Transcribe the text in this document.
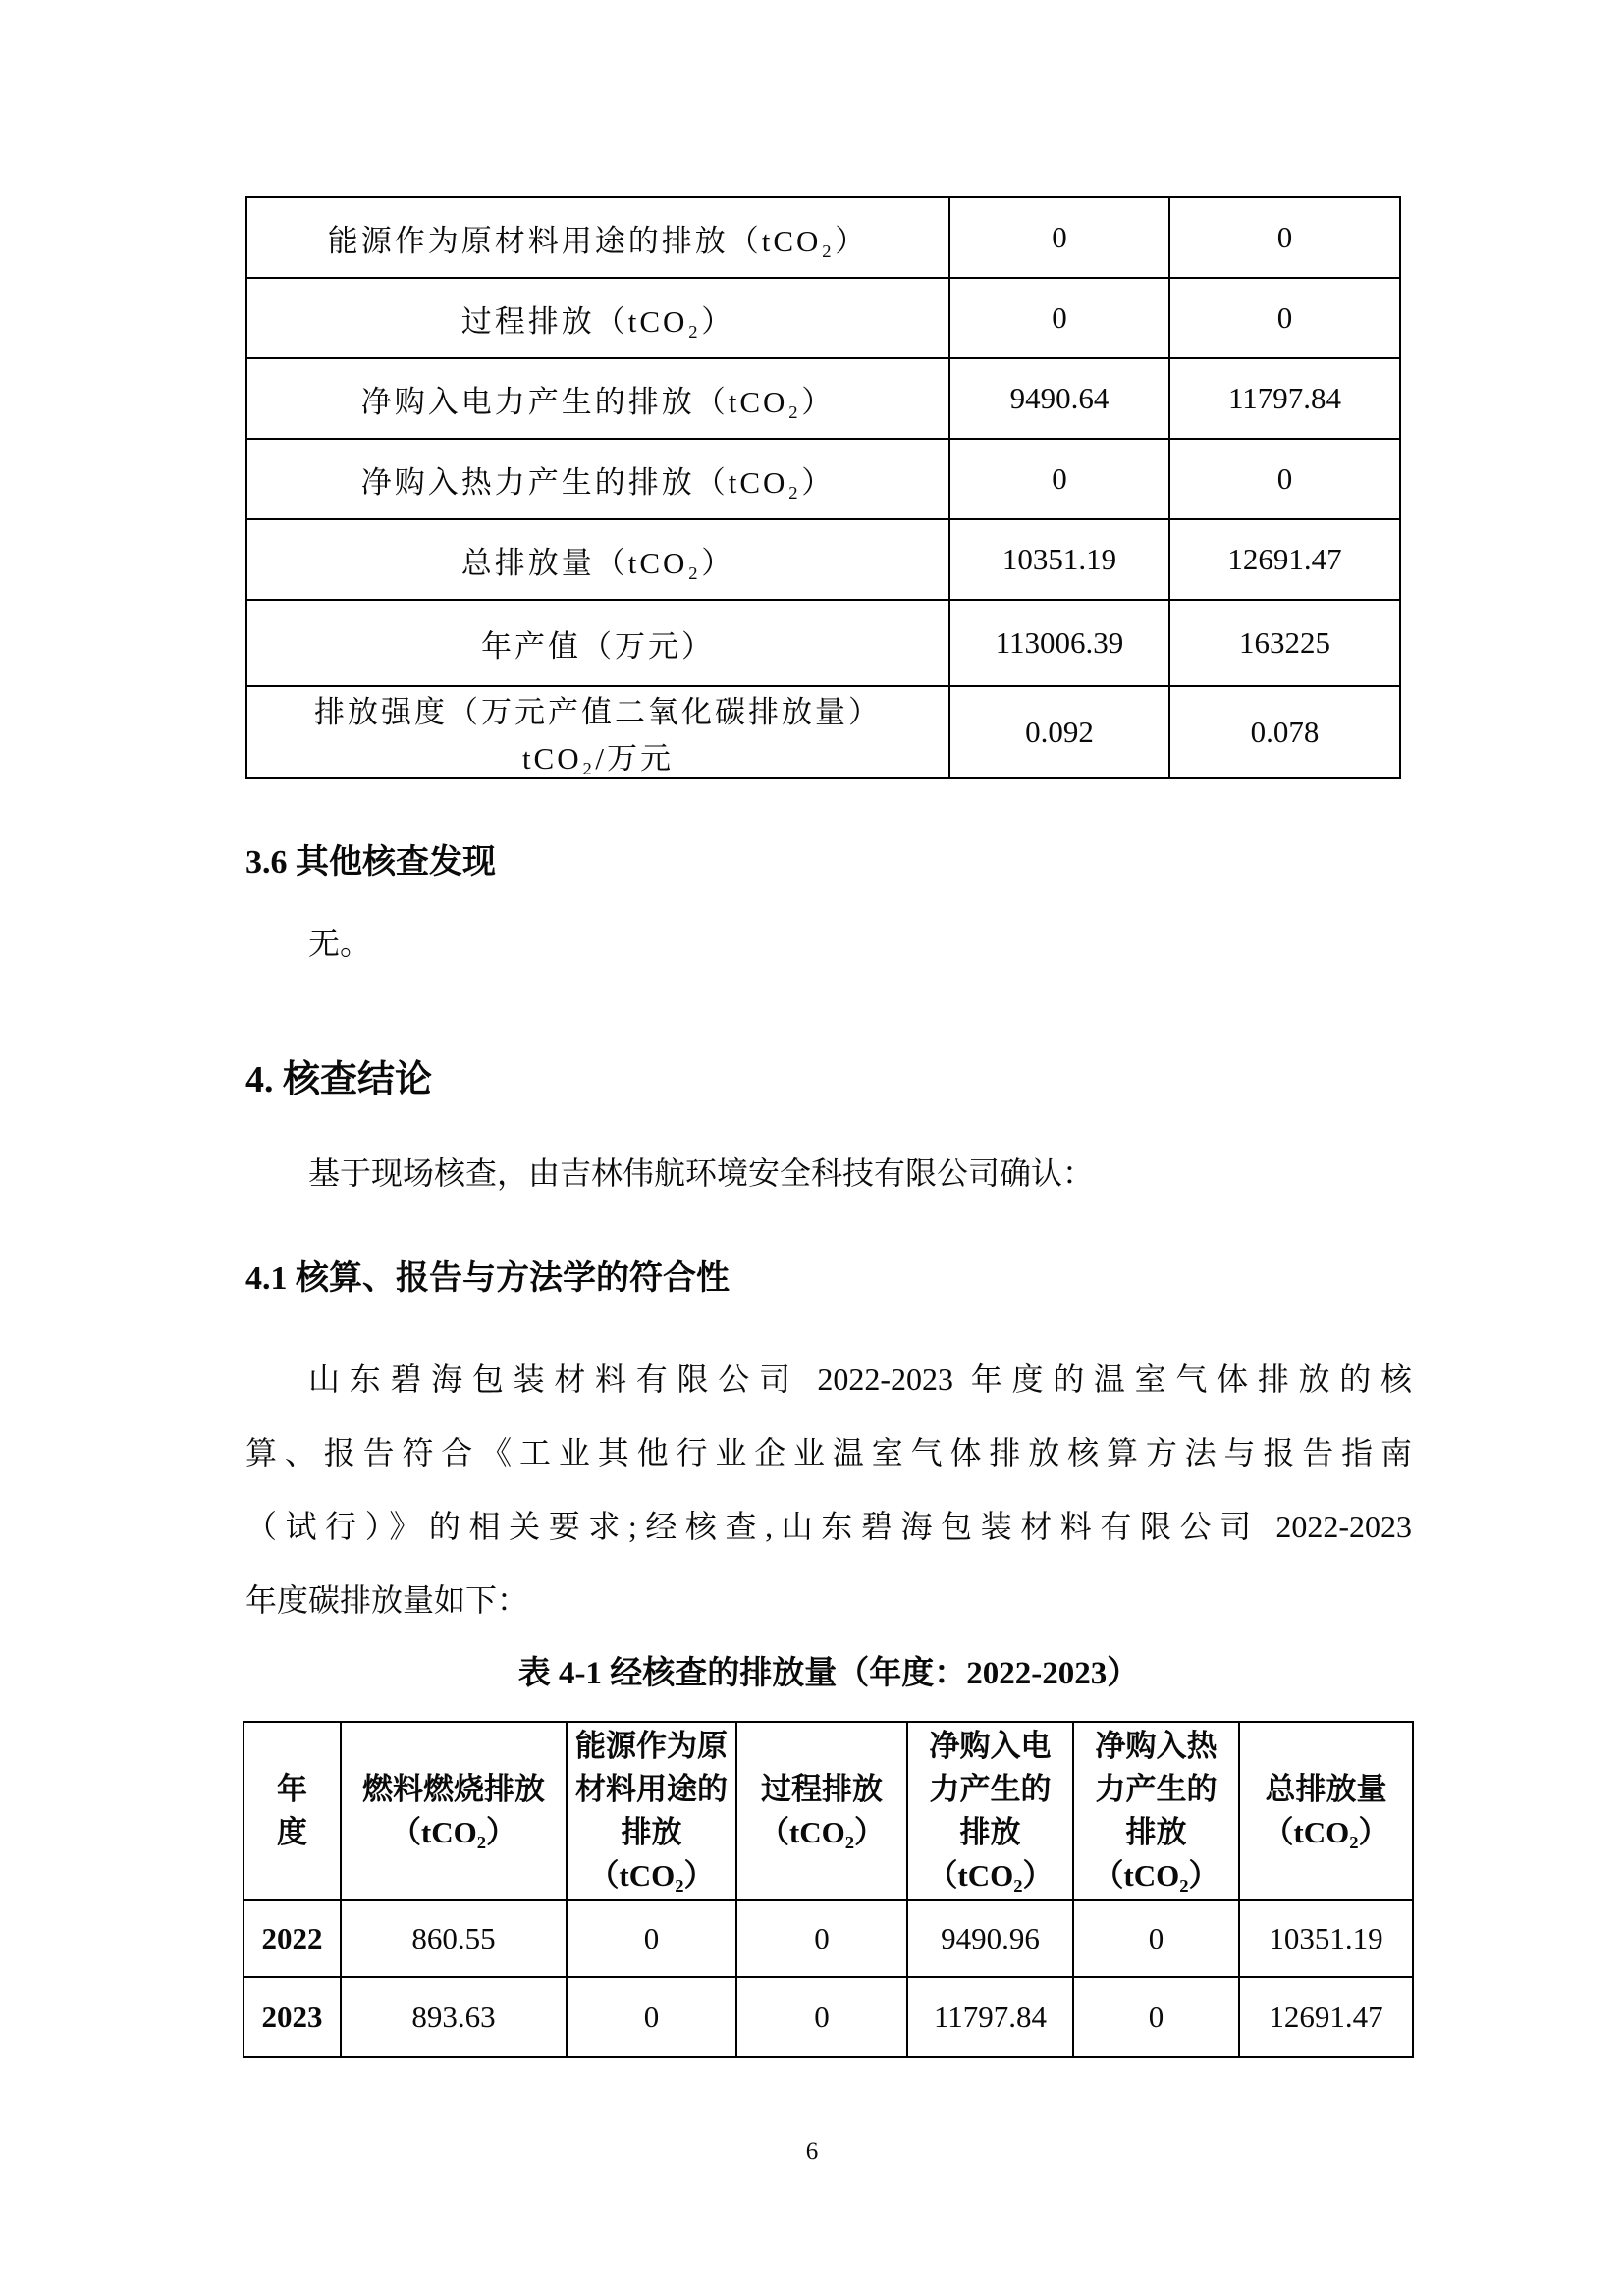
能源作为原材料用途的排放（tCO₂）	0	0
过程排放（tCO₂）	0	0
净购入电力产生的排放（tCO₂）	9490.64	11797.84
净购入热力产生的排放（tCO₂）	0	0
总排放量（tCO₂）	10351.19	12691.47
年产值（万元）	113006.39	163225

排放强度（万元产值二氧化碳排放量）
tCO₂/万元	0.092	0.078
3.6 其他核查发现
无。
4. 核查结论
基于现场核查，由吉林伟航环境安全科技有限公司确认：
4.1 核算、报告与方法学的符合性
山东碧海包装材料有限公司 2022-2023 年度的温室气体排放的核
算、报告符合《工业其他行业企业温室气体排放核算方法与报告指南
（试行）》的相关要求;经核查,山东碧海包装材料有限公司 2022-2023
年度碳排放量如下：
表 4-1 经核查的排放量（年度：2022-2023）
年度	燃料燃烧排放（tCO₂）	能源作为原材料用途的排放（tCO₂）	过程排放（tCO₂）	净购入电力产生的排放（tCO₂）	净购入热力产生的排放（tCO₂）	总排放量（tCO₂）
2022	860.55	0	0	9490.96	0	10351.19
2023	893.63	0	0	11797.84	0	12691.47
6
